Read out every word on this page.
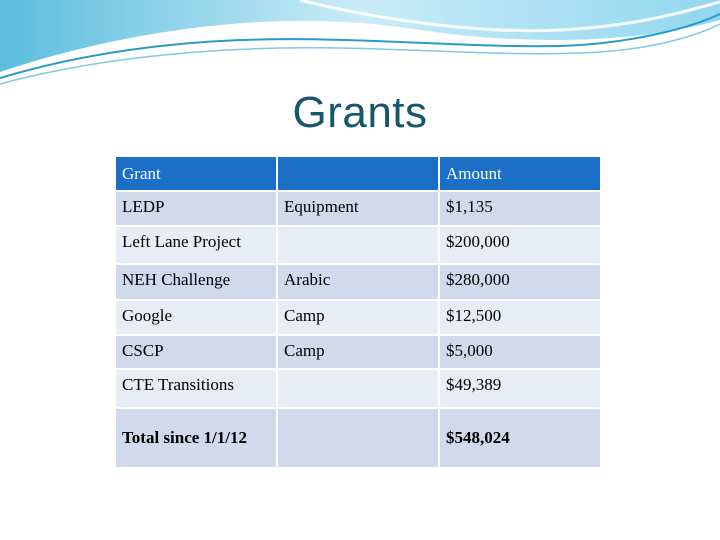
Grants
Grant		Amount
LEDP	Equipment	$1,135
Left Lane Project		$200,000
NEH Challenge	Arabic	$280,000
Google	Camp	$12,500
CSCP	Camp	$5,000
CTE Transitions		$49,389
Total since 1/1/12		$548,024
